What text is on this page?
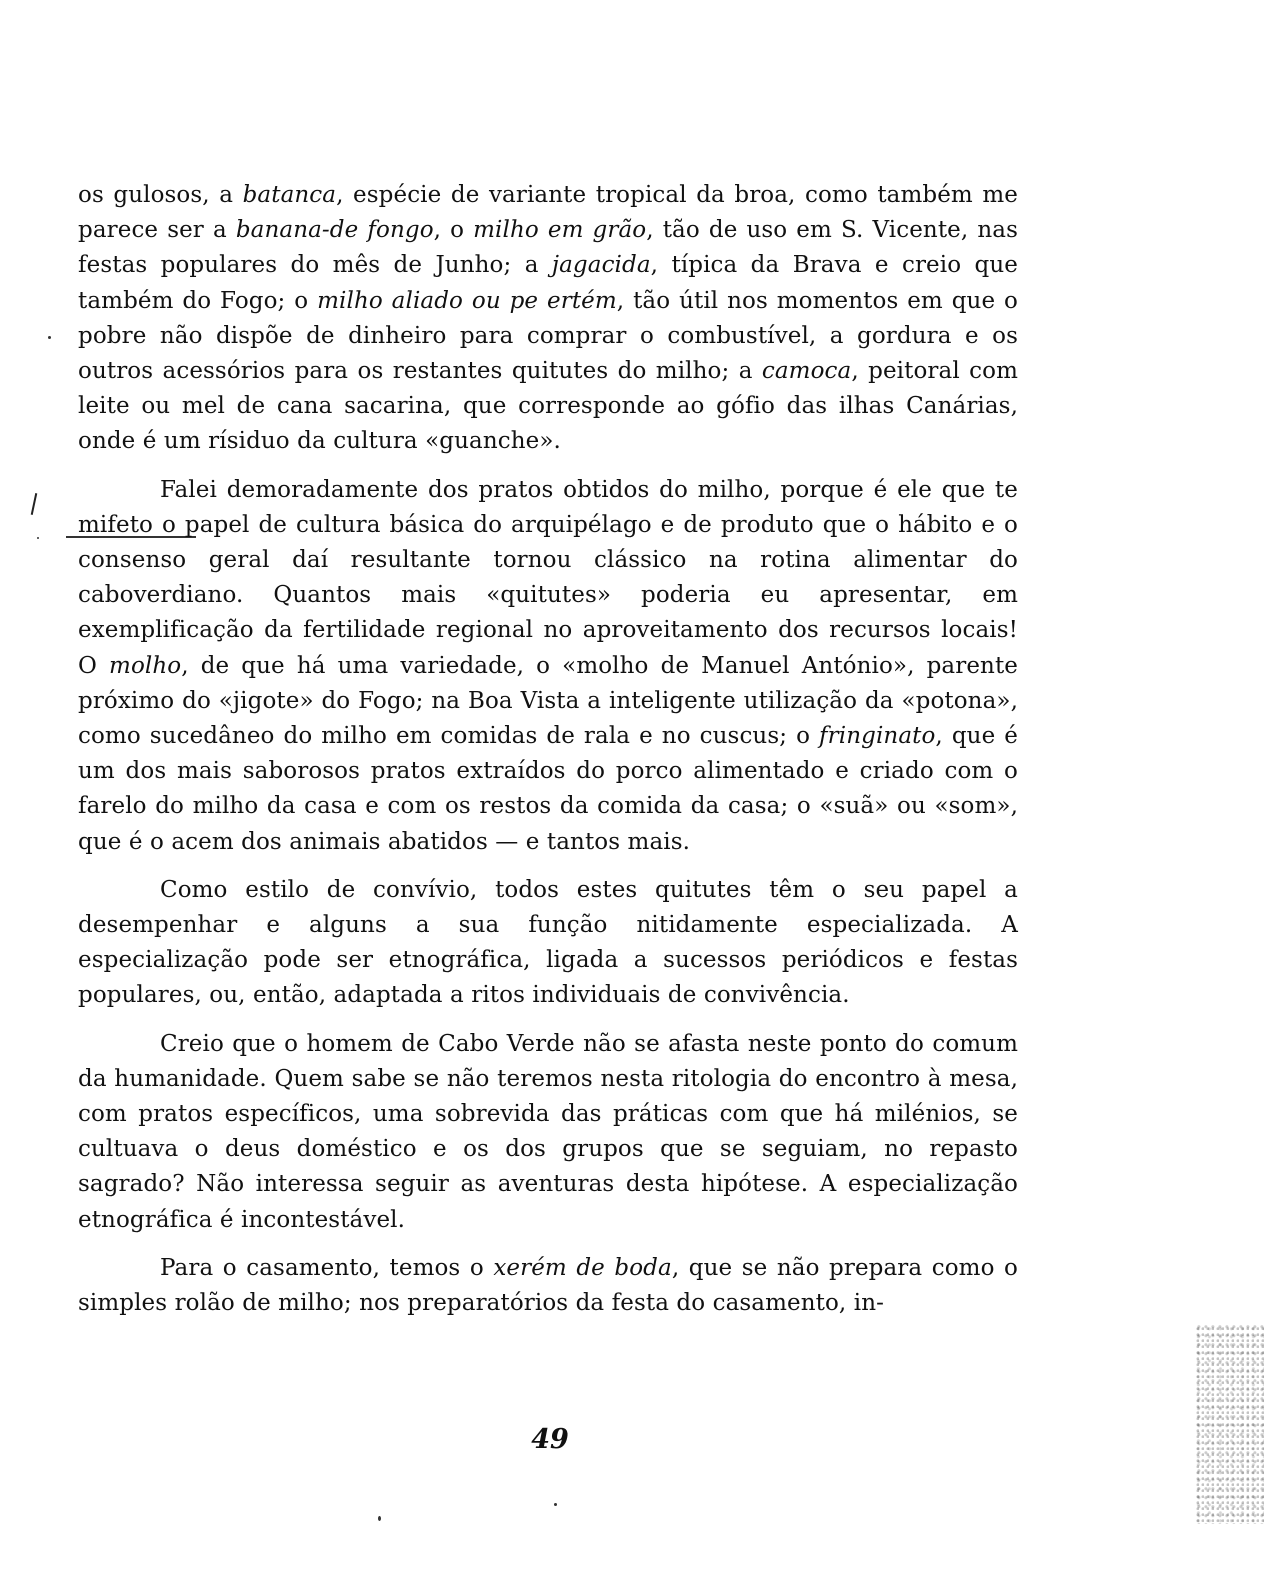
os gulosos, a batanca, espécie de variante tropical da broa, como também me parece ser a banana-de fongo, o milho em grão, tão de uso em S. Vicente, nas festas populares do mês de Junho; a jagacida, típica da Brava e creio que também do Fogo; o milho aliado ou pe ertém, tão útil nos momentos em que o pobre não dispõe de dinheiro para comprar o combustível, a gordura e os outros acessórios para os restantes quitutes do milho; a camoca, peitoral com leite ou mel de cana sacarina, que corresponde ao gófio das ilhas Canárias, onde é um rísiduo da cultura «guanche».

Falei demoradamente dos pratos obtidos do milho, porque é ele que te mifeto o papel de cultura básica do arquipélago e de produto que o hábito e o consenso geral daí resultante tornou clássico na rotina alimentar do caboverdiano. Quantos mais «quitutes» poderia eu apresentar, em exemplificação da fertilidade regional no aproveitamento dos recursos locais! O molho, de que há uma variedade, o «molho de Manuel António», parente próximo do «jigote» do Fogo; na Boa Vista a inteligente utilização da «potona», como sucedâneo do milho em comidas de rala e no cuscus; o fringinato, que é um dos mais saborosos pratos extraídos do porco alimentado e criado com o farelo do milho da casa e com os restos da comida da casa; o «suã» ou «som», que é o acem dos animais abatidos — e tantos mais.

Como estilo de convívio, todos estes quitutes têm o seu papel a desempenhar e alguns a sua função nitidamente especializada. A especialização pode ser etnográfica, ligada a sucessos periódicos e festas populares, ou, então, adaptada a ritos individuais de convivência.

Creio que o homem de Cabo Verde não se afasta neste ponto do comum da humanidade. Quem sabe se não teremos nesta ritologia do encontro à mesa, com pratos específicos, uma sobrevida das práticas com que há milénios, se cultuava o deus doméstico e os dos grupos que se seguiam, no repasto sagrado? Não interessa seguir as aventuras desta hipótese. A especialização etnográfica é incontestável.

Para o casamento, temos o xerém de boda, que se não prepara como o simples rolão de milho; nos preparatórios da festa do casamento, in-

49
